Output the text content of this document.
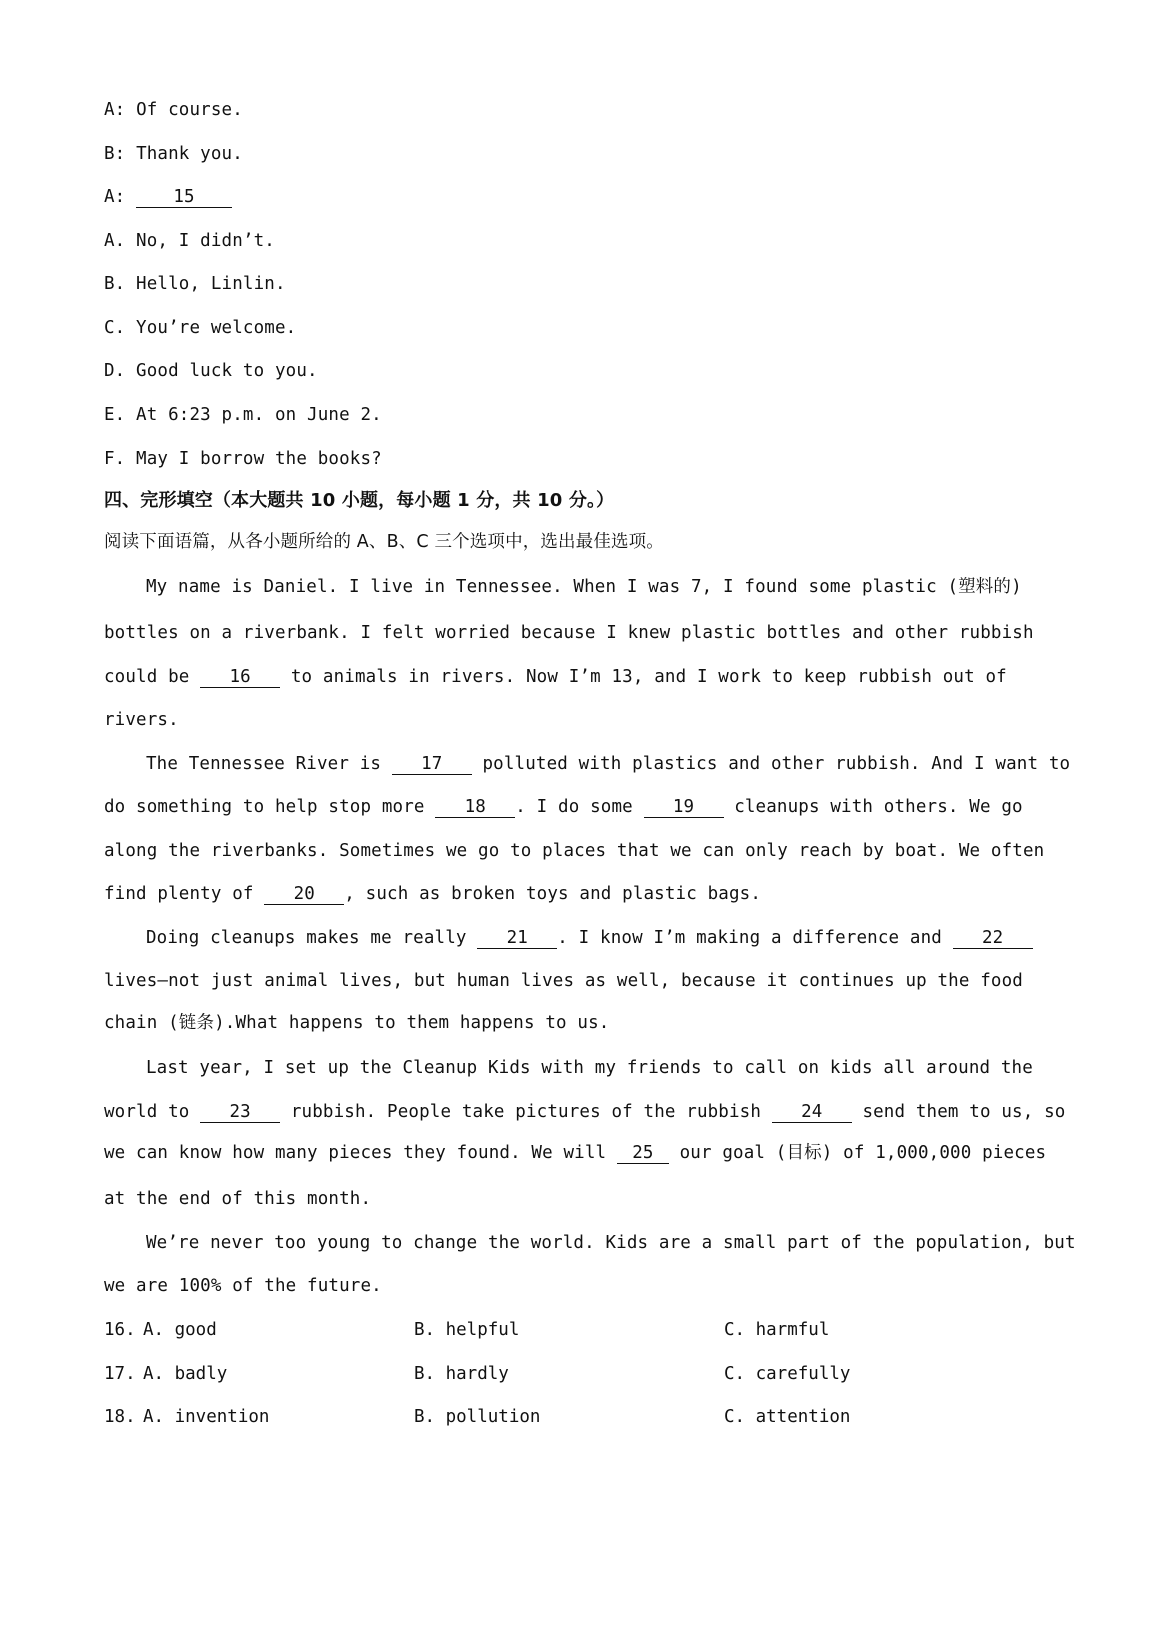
A: Of course.
B: Thank you.
A:	15
A. No, I didn’t.
B. Hello, Linlin.
C. You’re welcome.
D. Good luck to you.
E. At 6:23 p.m. on June 2.
F. May I borrow the books?
四、完形填空（本大题共 10 小题，每小题 1 分，共 10 分。）
阅读下面语篇，从各小题所给的 A、B、C 三个选项中，选出最佳选项。
My name is Daniel. I live in Tennessee. When I was 7, I found some plastic (塑料的)
bottles on a riverbank. I felt worried because I knew plastic bottles and other rubbish
could be 16 to animals in rivers. Now I’m 13, and I work to keep rubbish out of
rivers.
The Tennessee River is 17 polluted with plastics and other rubbish. And I want to
do something to help stop more 18 . I do some 19 cleanups with others. We go
along the riverbanks. Sometimes we go to places that we can only reach by boat. We often
find plenty of 20 , such as broken toys and plastic bags.
Doing cleanups makes me really 21 . I know I’m making a difference and 22
lives—not just animal lives, but human lives as well, because it continues up the food
chain (链条).What happens to them happens to us.
Last year, I set up the Cleanup Kids with my friends to call on kids all around the
world to 23 rubbish. People take pictures of the rubbish 24 send them to us, so
we can know how many pieces they found. We will 25 our goal (目标) of 1,000,000 pieces
at the end of this month.
We’re never too young to change the world. Kids are a small part of the population, but
we are 100% of the future.
16. A. good	B. helpful	C. harmful
17. A. badly	B. hardly	C. carefully
18. A. invention	B. pollution	C. attention
